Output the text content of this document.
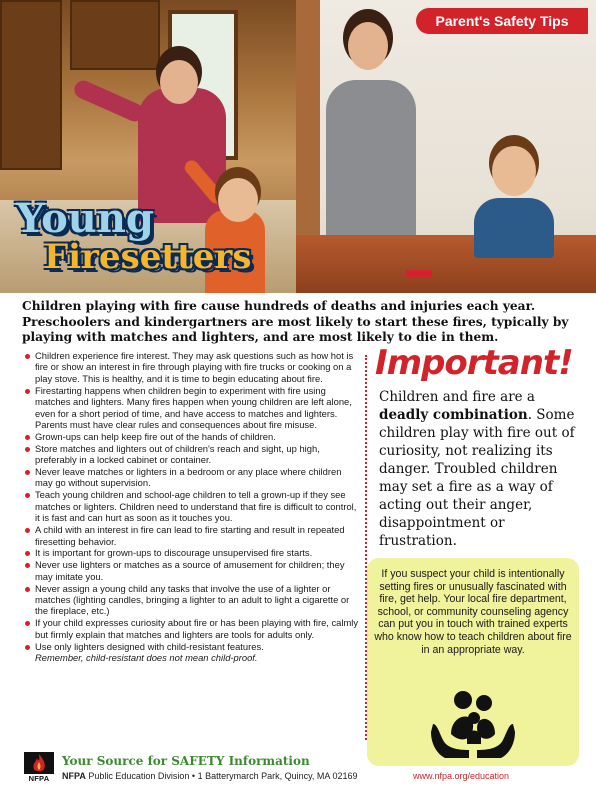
Parent's Safety Tips
Young
Firesetters

Children playing with fire cause hundreds of deaths and injuries each year. Preschoolers and kindergartners are most likely to start these fires, typically by playing with matches and lighters, and are most likely to die in them.

Children experience fire interest. They may ask questions such as how hot is fire or show an interest in fire through playing with fire trucks or cooking on a play stove. This is healthy, and it is time to begin educating about fire.
Firestarting happens when children begin to experiment with fire using matches and lighters. Many fires happen when young children are left alone, even for a short period of time, and have access to matches and lighters. Parents must have clear rules and consequences about fire misuse.
Grown-ups can help keep fire out of the hands of children.
Store matches and lighters out of children's reach and sight, up high, preferably in a locked cabinet or container.
Never leave matches or lighters in a bedroom or any place where children may go without supervision.
Teach young children and school-age children to tell a grown-up if they see matches or lighters. Children need to understand that fire is difficult to control, it is fast and can hurt as soon as it touches you.
A child with an interest in fire can lead to fire starting and result in repeated firesetting behavior.
It is important for grown-ups to discourage unsupervised fire starts.
Never use lighters or matches as a source of amusement for children; they may imitate you.
Never assign a young child any tasks that involve the use of a lighter or matches (lighting candles, bringing a lighter to an adult to light a cigarette or the fireplace, etc.)
If your child expresses curiosity about fire or has been playing with fire, calmly but firmly explain that matches and lighters are tools for adults only.
Use only lighters designed with child-resistant features.
Remember, child-resistant does not mean child-proof.
Important!

Children and fire are a deadly combination. Some children play with fire out of curiosity, not realizing its danger. Troubled children may set a fire as a way of acting out their anger, disappointment or frustration.

If you suspect your child is intentionally setting fires or unusually fascinated with fire, get help. Your local fire department, school, or community counseling agency can put you in touch with trained experts who know how to teach children about fire in an appropriate way.

NFPA
Your Source for SAFETY Information
NFPA Public Education Division • 1 Batterymarch Park, Quincy, MA 02169	www.nfpa.org/education
